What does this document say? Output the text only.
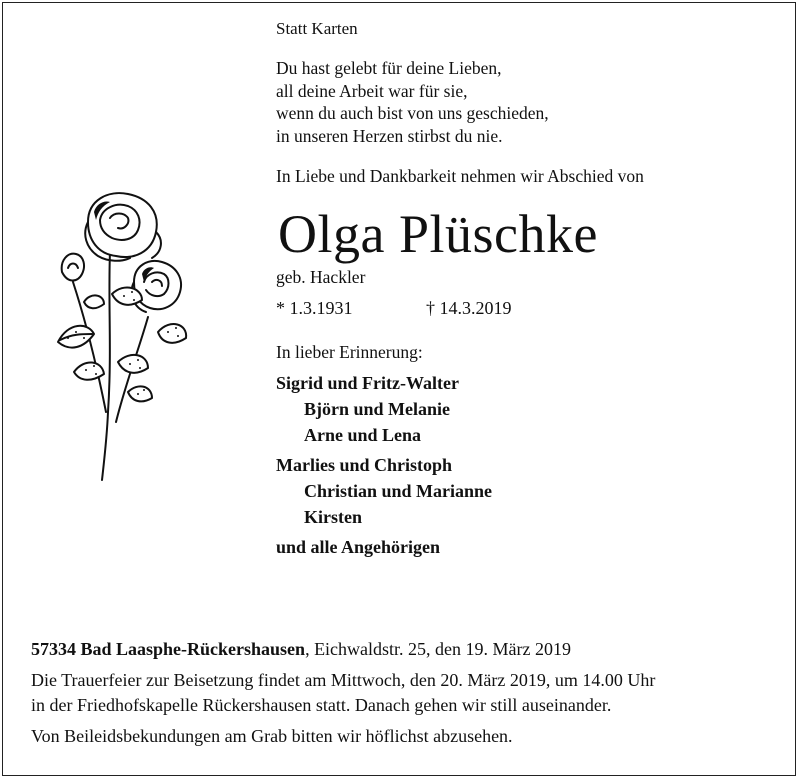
Statt Karten

Du hast gelebt für deine Lieben,

all deine Arbeit war für sie,

wenn du auch bist von uns geschieden,

in unseren Herzen stirbst du nie.

In Liebe und Dankbarkeit nehmen wir Abschied von

Olga Plüschke

geb. Hackler

* 1.3.1931	† 14.3.2019

In lieber Erinnerung:

Sigrid und Fritz-Walter

Björn und Melanie

Arne und Lena

Marlies und Christoph

Christian und Marianne

Kirsten

und alle Angehörigen

57334 Bad Laasphe-Rückershausen, Eichwaldstr. 25, den 19. März 2019

Die Trauerfeier zur Beisetzung findet am Mittwoch, den 20. März 2019, um 14.00 Uhr

in der Friedhofskapelle Rückershausen statt. Danach gehen wir still auseinander.

Von Beileidsbekundungen am Grab bitten wir höflichst abzusehen.
